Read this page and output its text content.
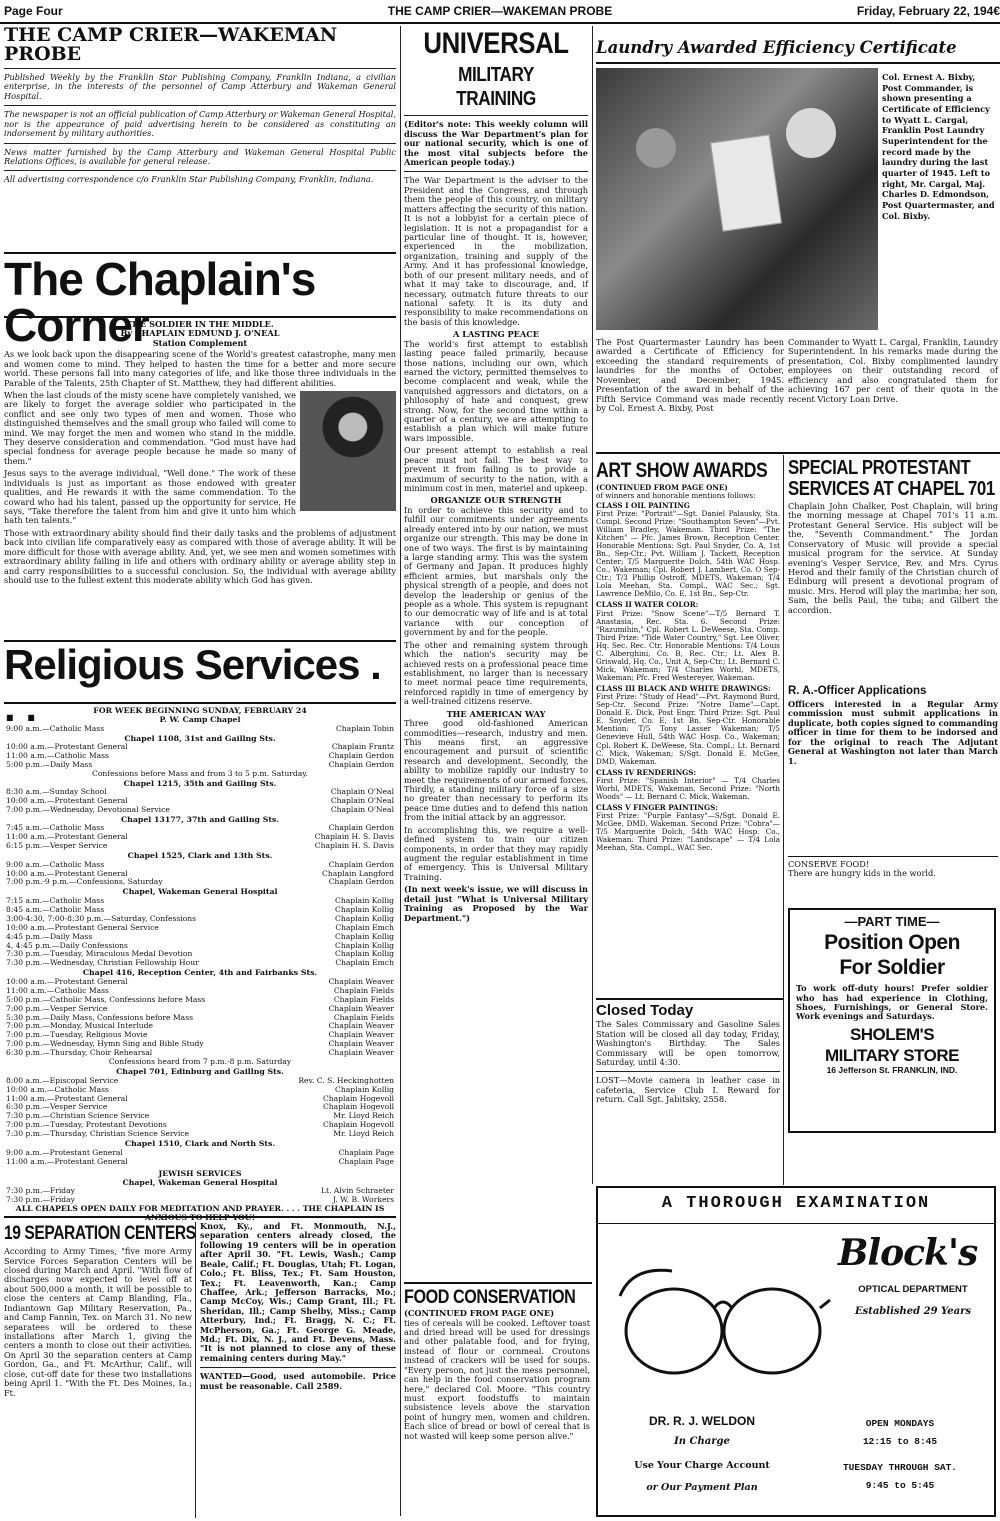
Page Four	THE CAMP CRIER—WAKEMAN PROBE	Friday, February 22, 194€
THE CAMP CRIER—WAKEMAN PROBE

Published Weekly by the Franklin Star Publishing Company, Franklin Indiana, a civilian enterprise, in the interests of the personnel of Camp Atterbury and Wakeman General Hospital.

The newspaper is not an official publication of Camp Atterbury or Wakeman General Hospital, nor is the appearance of paid advertising herein to be considered as constituting an indorsement by military authorities.

News matter furnished by the Camp Atterbury and Wakeman General Hospital Public Relations Offices, is available for general release.

All advertising correspondence c/o Franklin Star Publishing Company, Franklin, Indiana.

The Chaplain's Corner
THE SOLDIER IN THE MIDDLE.
By CHAPLAIN EDMUND J. O'NEAL
Station Complement

As we look back upon the disappearing scene of the World's greatest catastrophe, many men and women come to mind. They helped to hasten the time for a better and more secure world. These persons fall into many categories of life, and like those three individuals in the Parable of the Talents, 25th Chapter of St. Matthew, they had different abilities.

When the last clouds of the misty scene have completely vanished, we are likely to forget the average soldier who participated in the conflict and see only two types of men and women. Those who distinguished themselves and the small group who failed will come to mind. We may forget the men and women who stand in the middle. They deserve consideration and commendation. "God must have had special fondness for average people because he made so many of them."

Jesus says to the average individual, "Well done." The work of these individuals is just as important as those endowed with greater qualities, and He rewards it with the same commendation. To the coward who had his talent, passed up the opportunity for service, He says, "Take therefore the talent from him and give it unto him which hath ten talents."

Those with extraordinary ability should find their daily tasks and the problems of adjustment back into civilian life comparatively easy as compared with those of average ability. It will be more difficult for those with average ability. And, yet, we see men and women sometimes with extraordinary ability failing in life and others with ordinary ability or average ability step in and carry responsibilities to a successful conclusion. So, the individual with average ability should use to the fullest extent this moderate ability which God has given.

Religious Services . . .	FOR WEEK BEGINNING SUNDAY, FEBRUARY 24
P. W. Camp Chapel
9:00 a.m.—Catholic Mass	Chaplain Tobin
Chapel 1108, 31st and Gaillng Sts.
10:00 a.m.—Protestant General	Chaplain Frantz
11:00 a.m.—Catholic Mass	Chaplain Gerdon
5:00 p.m.—Daily Mass	Chaplain Gerdon
Confessions before Mass and from 3 to 5 p.m. Saturday.
Chapel 1215, 35th and Gaillng Sts.
8:30 a.m.—Sunday School	Chaplain O'Neal
10:00 a.m.—Protestant General	Chaplain O'Neal
7:00 p.m.—Wednesday, Devotional Service	Chaplain O'Neal
Chapel 13177, 37th and Gaillng Sts.
7:45 a.m.—Catholic Mass	Chaplain Gerdon
11:00 a.m.—Protestant General	Chaplain H. S. Davis
6:15 p.m.—Vesper Service	Chaplain H. S. Davis
Chapel 1525, Clark and 13th Sts.
9:00 a.m.—Catholic Mass	Chaplain Gerdon
10:00 a.m.—Protestant General	Chaplain Langford
7:00 p.m.-9 p.m.—Confessions, Saturday	Chaplain Gerdon
Chapel, Wakeman General Hospital
7:15 a.m.—Catholic Mass	Chaplain Kollig
8:45 a.m.—Catholic Mass	Chaplain Kollig
3:00-4:30, 7:00-8:30 p.m.—Saturday, Confessions	Chaplain Kollig
10:00 a.m.—Protestant General Service	Chaplain Emch
4:45 p.m.—Daily Mass	Chaplain Kollig
4, 4:45 p.m.—Daily Confessions	Chaplain Kollig
7:30 p.m.—Tuesday, Miraculous Medal Devotion	Chaplain Kollig
7:30 p.m.—Wednesday, Christian Fellowship Hour	Chaplain Emch
Chapel 416, Reception Center, 4th and Fairbanks Sts.
10:00 a.m.—Protestant General	Chaplain Weaver
11:00 a.m.—Catholic Mass	Chaplain Fields
5:00 p.m.—Catholic Mass, Confessions before Mass	Chaplain Fields
7:00 p.m.—Vesper Service	Chaplain Weaver
5:30 p.m.—Daily Mass, Confessions before Mass	Chaplain Fields
7:00 p.m.—Monday, Musical Interlude	Chaplain Weaver
7:00 p.m.—Tuesday, Religious Movie	Chaplain Weaver
7:00 p.m.—Wednesday, Hymn Sing and Bible Study	Chaplain Weaver
6:30 p.m.—Thursday, Choir Rehearsal	Chaplain Weaver
Confessions heard from 7 p.m.-8 p.m. Saturday
Chapel 701, Edinburg and Gaillng Sts.
8:00 a.m.—Episcopal Service	Rev. C. S. Heckinghotten
10:00 a.m.—Catholic Mass	Chaplain Kollig
11:00 a.m.—Protestant General	Chaplain Hogevoll
6:30 p.m.—Vesper Service	Chaplain Hogevoll
7:30 p.m.—Christian Science Service	Mr. Lloyd Reich
7:00 p.m.—Tuesday, Protestant Devotions	Chaplain Hogevoll
7:30 p.m.—Thursday, Christian Science Service	Mr. Lloyd Reich
Chapel 1510, Clark and North Sts.
9:00 a.m.—Protestant General	Chaplain Page
11:00 a.m.—Protestant General	Chaplain Page
JEWISH SERVICES
Chapel, Wakeman General Hospital
7:30 p.m.—Friday	Lt. Alvin Schraeter
7:30 p.m.—Friday	J. W. B. Workers
ALL CHAPELS OPEN DAILY FOR MEDITATION AND PRAYER. . . . THE CHAPLAIN IS ANXIOUS TO HELP YOU!
19 SEPARATION CENTERS

According to Army Times, "five more Army Service Forces Separation Centers will be closed during March and April. "With flow of discharges now expected to level off at about 500,000 a month, it will be possible to close the centers at Camp Blanding, Fla., Indiantown Gap Military Reservation, Pa., and Camp Fannin, Tex. on March 31. No new separatees will be ordered to these installations after March 1, giving the centers a month to close out their activities. On April 30 the separation centers at Camp Gordon, Ga., and Ft. McArthur, Calif., will close, cut-off date for these two installations being April 1. "With the Ft. Des Moines, Ia.; Ft.

Knox, Ky., and Ft. Monmouth, N.J., separation centers already closed, the following 19 centers will be in operation after April 30. "Ft. Lewis, Wash.; Camp Beale, Calif.; Ft. Douglas, Utah; Ft. Logan, Colo.; Ft. Bliss, Tex.; Ft. Sam Houston, Tex.; Ft. Leavenworth, Kan.; Camp Chaffee, Ark.; Jefferson Barracks, Mo.; Camp McCoy, Wis.; Camp Grant, Ill.; Ft. Sheridan, Ill.; Camp Shelby, Miss.; Camp Atterbury, Ind.; Ft. Bragg, N. C.; Ft. McPherson, Ga.; Ft. George G. Meade, Md.; Ft. Dix, N. J., and Ft. Devens, Mass. "It is not planned to close any of these remaining centers during May."

WANTED—Good, used automobile. Price must be reasonable. Call 2589.

UNIVERSAL
MILITARY TRAINING

(Editor's note: This weekly column will discuss the War Department's plan for our national security, which is one of the most vital subjects before the American people today.)

The War Department is the adviser to the President and the Congress, and through them the people of this country, on military matters affecting the security of this nation. It is not a lobbyist for a certain piece of legislation. It is not a propagandist for a particular line of thought. It is, however, experienced in the mobilization, organization, training and supply of the Army. And it has professional knowledge, both of our present military needs, and of what it may take to discourage, and, if necessary, outmatch future threats to our national safety. It is its duty and responsibility to make recommendations on the basis of this knowledge.

A LASTING PEACE

The world's first attempt to establish lasting peace failed primarily, because those nations, including our own, which earned the victory, permitted themselves to become complacent and weak, while the vanquished aggressors and dictators, on a philosophy of hate and conquest, grew strong. Now, for the second time within a quarter of a century, we are attempting to establish a plan which will make future wars impossible.

Our present attempt to establish a real peace must not fail. The best way to prevent it from failing is to provide a maximum of security to the nation, with a minimum cost in men, materiel and upkeep.

ORGANIZE OUR STRENGTH

In order to achieve this security and to fulfill our commitments under agreements already entered into by our nation, we must organize our strength. This may be done in one of two ways. The first is by maintaining a large standing army. This was the system of Germany and Japan. It produces highly efficient armies, but marshals only the physical strength of a people, and does not develop the leadership or genius of the people as a whole. This system is repugnant to our democratic way of life and is at total variance with our conception of government by and for the people.

The other and remaining system through which the nation's security may be achieved rests on a professional peace time establishment, no larger than is necessary to meet normal peace time requirements, reinforced rapidly in time of emergency by a well-trained citizens reserve.

THE AMERICAN WAY

Three good old-fashioned American commodities—research, industry and men. This means first, an aggressive encouragement and pursuit of scientific research and development. Secondly, the ability to mobilize rapidly our industry to meet the requirements of our armed forces. Thirdly, a standing military force of a size no greater than necessary to perform its peace time duties and to defend this nation from the initial attack by an aggressor.

In accomplishing this, we require a well-defined system to train our citizen components, in order that they may rapidly augment the regular establishment in time of emergency. This is Universal Military Training.

(In next week's issue, we will discuss in detail just "What is Universal Military Training as Proposed by the War Department.")

FOOD CONSERVATION
(CONTINUED FROM PAGE ONE)

ties of cereals will be cooked. Leftover toast and dried bread will be used for dressings and other palatable food, and for frying, instead of flour or cornmeal. Croutons instead of crackers will be used for soups. "Every person, not just the mess personnel, can help in the food conservation program here," declared Col. Moore. "This country must export foodstuffs to maintain subsistence levels above the starvation point of hungry men, women and children. Each slice of bread or bowl of cereal that is not wasted will keep some person alive."

Laundry Awarded Efficiency Certificate
Col. Ernest A. Bixby, Post Commander, is shown presenting a Certificate of Efficiency to Wyatt L. Cargal, Franklin Post Laundry Superintendent for the record made by the laundry during the last quarter of 1945. Left to right, Mr. Cargal, Maj. Charles D. Edmondson, Post Quartermaster, and Col. Bixby.

The Post Quartermaster Laundry has been awarded a Certificate of Efficiency for exceeding the standard requirements of laundries for the months of October, November, and December, 1945. Presentation of the award in behalf of the Fifth Service Command was made recently by Col. Ernest A. Bixby, Post

Commander to Wyatt L. Cargal, Franklin, Laundry Superintendent. In his remarks made during the presentation, Col. Bixby complimented laundry employees on their outstanding record of efficiency and also congratulated them for achieving 167 per cent of their quota in the recent Victory Loan Drive.

ART SHOW AWARDS
(CONTINUED FROM PAGE ONE)
of winners and honorable mentions follows:
CLASS I OIL PAINTING

First Prize: "Portrait"—Sgt. Daniel Palausky, Sta. Compl. Second Prize: "Southampton Seven"—Pvt. William Bradley, Wakeman. Third Prize: "The Kitchen" — Pfc. James Brown, Reception Center. Honorable Mentions: Sgt. Paul Snyder, Co. A, 1st Bn., Sep-Ctr.; Pvt. William J. Tackett, Reception Center; T/5 Marguerite Dolch, 54th WAC Hosp. Co., Wakeman; Cpl. Robert J. Lambert, Co. O Sep-Ctr.; T/3 Phillip Ostroff, MDETS, Wakeman; T/4 Lola Meehan, Sta. Compl., WAC Sec.; Sgt. Lawrence DeMilo, Co. E, 1st Bn., Sep-Ctr.

CLASS II WATER COLOR:

First Prize: "Snow Scene"—T/5 Bernard T. Anastasia, Rec. Sta. 6. Second Prize: "Razumihin," Cpl. Robert L. DeWeese, Sta. Comp. Third Prize: "Tide Water Country," Sgt. Lee Oliver, Hq. Sec. Rec. Ctr. Honorable Mentions: T/4 Louis C. Alberghini, Co. B, Rec. Ctr.; Lt. Alex B. Griswald, Hq. Co., Unit A, Sep-Ctr.; Lt. Bernard C. Mick, Wakeman; T/4 Charles Worhl, MDETS, Wakeman; Pfc. Fred Westereyer, Wakeman.

CLASS III BLACK AND WHITE DRAWINGS:

First Prize: "Study of Head"—Pvt. Raymond Burd, Sep-Ctr. Second Prize: "Notre Dame"—Capt. Donald E. Dick, Post Engr. Third Prize: Sgt. Paul E. Snyder, Co. E, 1st Bn. Sep-Ctr. Honorable Mention: T/5 Tony Lasser Wakeman; T/5 Genevieve Hull, 54th WAC Hosp. Co., Wakeman; Cpl. Robert K. DeWeese, Sta. Compl.; Lt. Bernard C. Mick, Wakeman; S/Sgt. Donald E. McGee, DMD, Wakeman.

CLASS IV RENDERINGS:

First Prize: "Spanish Interior" — T/4 Charles Worhl, MDETS, Wakeman. Second Prize: "North Woods" — Lt. Bernard C. Mick, Wakeman.

CLASS V FINGER PAINTINGS:

First Prize: "Purple Fantasy"—S/Sgt. Donald E. McGee, DMD, Wakeman. Second Prize: "Cobra"—T/5 Marguerite Dolch, 54th WAC Hosp. Co., Wakeman. Third Prize: "Landscape" — T/4 Lola Meehan, Sta. Compl., WAC Sec.

Closed Today

The Sales Commissary and Gasoline Sales Station will be closed all day today, Friday, Washington's Birthday. The Sales Commissary will be open tomorrow, Saturday, until 4:30.

LOST—Movie camera in leather case in cafeteria, Service Club I. Reward for return. Call Sgt. Jabitsky, 2558.

SPECIAL PROTESTANT SERVICES AT CHAPEL 701

Chaplain John Chalker, Post Chaplain, will bring the morning message at Chapel 701's 11 a.m. Protestant General Service. His subject will be the, "Seventh Commandment." The Jordan Conservatory of Music will provide a special musical program for the service. At Sunday evening's Vesper Service, Rev. and Mrs. Cyrus Herod and their family of the Christian church of Edinburg will present a devotional program of music. Mrs. Herod will play the marimba; her son, Sam, the bells Paul, the tuba; and Gilbert the accordion.

R. A.-Officer Applications

Officers interested in a Regular Army commission must submit applications in duplicate, both copies signed to commanding officer in time for them to be indorsed and for the original to reach The Adjutant General at Washington not later than March 1.

CONSERVE FOOD!
There are hungry kids in the world.
—PART TIME—
Position Open
For Soldier

To work off-duty hours! Prefer soldier who has had experience in Clothing, Shoes, Furnishings, or General Store. Work evenings and Saturdays.

SHOLEM'S
MILITARY STORE
16 Jefferson St. FRANKLIN, IND.
A THOROUGH EXAMINATION
Block's
OPTICAL DEPARTMENT
Established 29 Years
DR. R. J. WELDON
In Charge
Use Your Charge Account
or Our Payment Plan
OPEN MONDAYS
12:15 to 8:45
TUESDAY THROUGH SAT.
9:45 to 5:45
